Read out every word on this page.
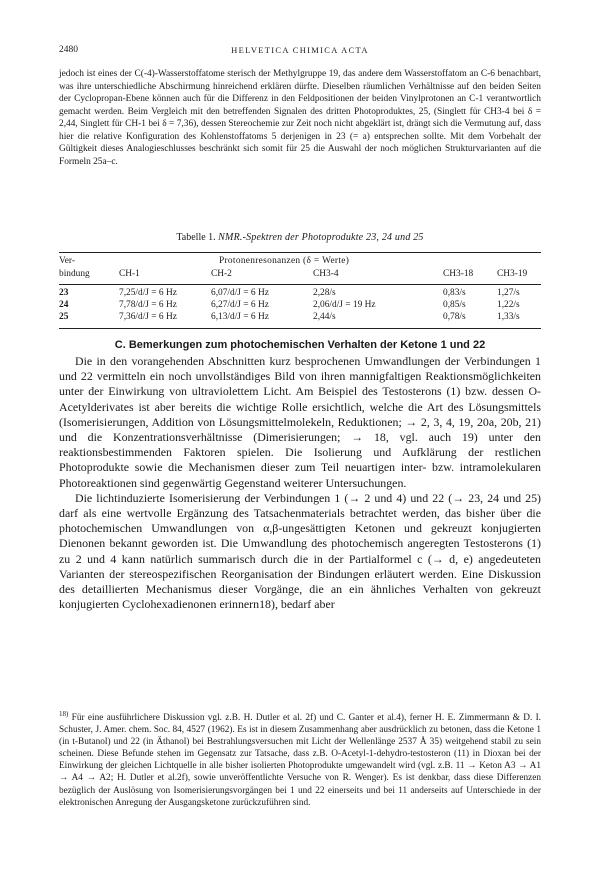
2480	HELVETICA CHIMICA ACTA

jedoch ist eines der C(-4)-Wasserstoffatome sterisch der Methylgruppe 19, das andere dem Wasserstoffatom an C-6 benachbart, was ihre unterschiedliche Abschirmung hinreichend erklären dürfte. Dieselben räumlichen Verhältnisse auf den beiden Seiten der Cyclopropan-Ebene können auch für die Differenz in den Feldpositionen der beiden Vinylprotonen an C-1 verantwortlich gemacht werden. Beim Vergleich mit den betreffenden Signalen des dritten Photoproduktes, 25, (Singlett für CH3-4 bei δ = 2,44, Singlett für CH-1 bei δ = 7,36), dessen Stereochemie zur Zeit noch nicht abgeklärt ist, drängt sich die Vermutung auf, dass hier die relative Konfiguration des Kohlenstoffatoms 5 derjenigen in 23 (= a) entsprechen sollte. Mit dem Vorbehalt der Gültigkeit dieses Analogieschlusses beschränkt sich somit für 25 die Auswahl der noch möglichen Strukturvarianten auf die Formeln 25a–c.

Tabelle 1. NMR.-Spektren der Photoprodukte 23, 24 und 25
Ver-
bindung
Protonenresonanzen (δ = Werte)
CH-1	CH-2	CH3-4	CH3-18	CH3-19
23	7,25/d/J = 6 Hz	6,07/d/J = 6 Hz	2,28/s	0,83/s	1,27/s
24	7,78/d/J = 6 Hz	6,27/d/J = 6 Hz	2,06/d/J = 19 Hz	0,85/s	1,22/s
25	7,36/d/J = 6 Hz	6,13/d/J = 6 Hz	2,44/s	0,78/s	1,33/s
C. Bemerkungen zum photochemischen Verhalten der Ketone 1 und 22

Die in den vorangehenden Abschnitten kurz besprochenen Umwandlungen der Verbindungen 1 und 22 vermitteln ein noch unvollständiges Bild von ihren mannigfaltigen Reaktionsmöglichkeiten unter der Einwirkung von ultraviolettem Licht. Am Beispiel des Testosterons (1) bzw. dessen O-Acetylderivates ist aber bereits die wichtige Rolle ersichtlich, welche die Art des Lösungsmittels (Isomerisierungen, Addition von Lösungsmittelmolekeln, Reduktionen; → 2, 3, 4, 19, 20a, 20b, 21) und die Konzentrationsverhältnisse (Dimerisierungen; → 18, vgl. auch 19) unter den reaktionsbestimmenden Faktoren spielen. Die Isolierung und Aufklärung der restlichen Photoprodukte sowie die Mechanismen dieser zum Teil neuartigen inter- bzw. intramolekularen Photoreaktionen sind gegenwärtig Gegenstand weiterer Untersuchungen.

Die lichtinduzierte Isomerisierung der Verbindungen 1 (→ 2 und 4) und 22 (→ 23, 24 und 25) darf als eine wertvolle Ergänzung des Tatsachenmaterials betrachtet werden, das bisher über die photochemischen Umwandlungen von α,β-ungesättigten Ketonen und gekreuzt konjugierten Dienonen bekannt geworden ist. Die Umwandlung des photochemisch angeregten Testosterons (1) zu 2 und 4 kann natürlich summarisch durch die in der Partialformel c (→ d, e) angedeuteten Varianten der stereospezifischen Reorganisation der Bindungen erläutert werden. Eine Diskussion des detaillierten Mechanismus dieser Vorgänge, die an ein ähnliches Verhalten von gekreuzt konjugierten Cyclohexadienonen erinnern18), bedarf aber

$^{18)}$ Für eine ausführlichere Diskussion vgl. z.B. H. Dutler et al. 2f) und C. Ganter et al.4), ferner H. E. Zimmermann & D. I. Schuster, J. Amer. chem. Soc. 84, 4527 (1962). Es ist in diesem Zusammenhang aber ausdrücklich zu betonen, dass die Ketone 1 (in t-Butanol) und 22 (in Äthanol) bei Bestrahlungsversuchen mit Licht der Wellenlänge 2537 Å 35) weitgehend stabil zu sein scheinen. Diese Befunde stehen im Gegensatz zur Tatsache, dass z.B. O-Acetyl-1-dehydro-testosteron (11) in Dioxan bei der Einwirkung der gleichen Lichtquelle in alle bisher isolierten Photoprodukte umgewandelt wird (vgl. z.B. 11 → Keton A3 → A1 → A4 → A2; H. Dutler et al.2f), sowie unveröffentlichte Versuche von R. Wenger). Es ist denkbar, dass diese Differenzen bezüglich der Auslösung von Isomerisierungsvorgängen bei 1 und 22 einerseits und bei 11 anderseits auf Unterschiede in der elektronischen Anregung der Ausgangsketone zurückzuführen sind.
